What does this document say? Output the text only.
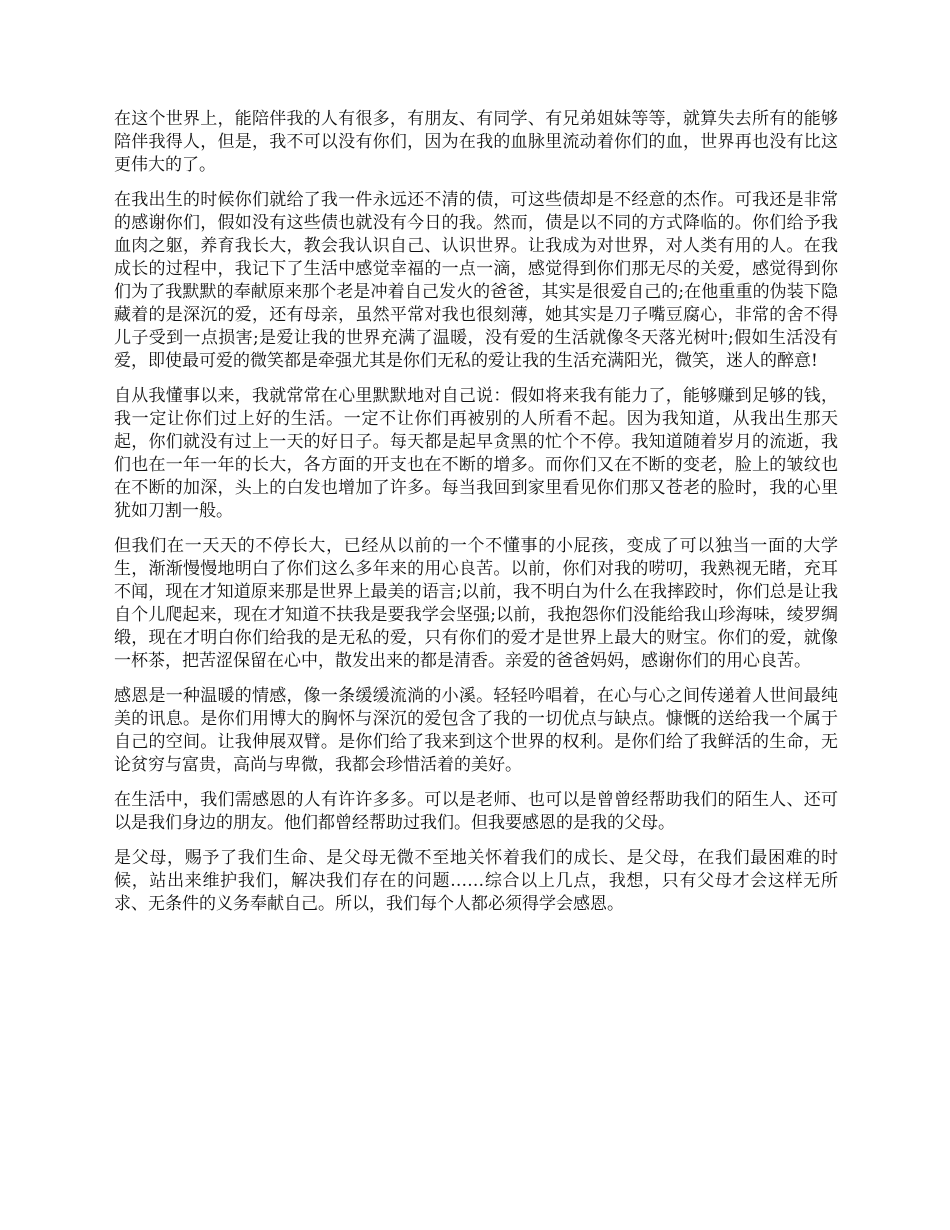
在这个世界上，能陪伴我的人有很多，有朋友、有同学、有兄弟姐妹等等，就算失去所有的能够陪伴我得人，但是，我不可以没有你们，因为在我的血脉里流动着你们的血，世界再也没有比这更伟大的了。

在我出生的时候你们就给了我一件永远还不清的债，可这些债却是不经意的杰作。可我还是非常的感谢你们，假如没有这些债也就没有今日的我。然而，债是以不同的方式降临的。你们给予我血肉之躯，养育我长大，教会我认识自己、认识世界。让我成为对世界，对人类有用的人。在我成长的过程中，我记下了生活中感觉幸福的一点一滴，感觉得到你们那无尽的关爱，感觉得到你们为了我默默的奉献原来那个老是冲着自己发火的爸爸，其实是很爱自己的;在他重重的伪装下隐藏着的是深沉的爱，还有母亲，虽然平常对我也很刻薄，她其实是刀子嘴豆腐心，非常的舍不得儿子受到一点损害;是爱让我的世界充满了温暖，没有爱的生活就像冬天落光树叶;假如生活没有爱，即使最可爱的微笑都是牵强尤其是你们无私的爱让我的生活充满阳光，微笑，迷人的醉意!

自从我懂事以来，我就常常在心里默默地对自己说：假如将来我有能力了，能够赚到足够的钱，我一定让你们过上好的生活。一定不让你们再被别的人所看不起。因为我知道，从我出生那天起，你们就没有过上一天的好日子。每天都是起早贪黑的忙个不停。我知道随着岁月的流逝，我们也在一年一年的长大，各方面的开支也在不断的增多。而你们又在不断的变老，脸上的皱纹也在不断的加深，头上的白发也增加了许多。每当我回到家里看见你们那又苍老的脸时，我的心里犹如刀割一般。

但我们在一天天的不停长大，已经从以前的一个不懂事的小屁孩，变成了可以独当一面的大学生，渐渐慢慢地明白了你们这么多年来的用心良苦。以前，你们对我的唠叨，我熟视无睹，充耳不闻，现在才知道原来那是世界上最美的语言;以前，我不明白为什么在我摔跤时，你们总是让我自个儿爬起来，现在才知道不扶我是要我学会坚强;以前，我抱怨你们没能给我山珍海味，绫罗绸缎，现在才明白你们给我的是无私的爱，只有你们的爱才是世界上最大的财宝。你们的爱，就像一杯茶，把苦涩保留在心中，散发出来的都是清香。亲爱的爸爸妈妈，感谢你们的用心良苦。

感恩是一种温暖的情感，像一条缓缓流淌的小溪。轻轻吟唱着，在心与心之间传递着人世间最纯美的讯息。是你们用博大的胸怀与深沉的爱包含了我的一切优点与缺点。慷慨的送给我一个属于自己的空间。让我伸展双臂。是你们给了我来到这个世界的权利。是你们给了我鲜活的生命，无论贫穷与富贵，高尚与卑微，我都会珍惜活着的美好。

在生活中，我们需感恩的人有许许多多。可以是老师、也可以是曾曾经帮助我们的陌生人、还可以是我们身边的朋友。他们都曾经帮助过我们。但我要感恩的是我的父母。

是父母，赐予了我们生命、是父母无微不至地关怀着我们的成长、是父母，在我们最困难的时候，站出来维护我们，解决我们存在的问题……综合以上几点，我想，只有父母才会这样无所求、无条件的义务奉献自己。所以，我们每个人都必须得学会感恩。
